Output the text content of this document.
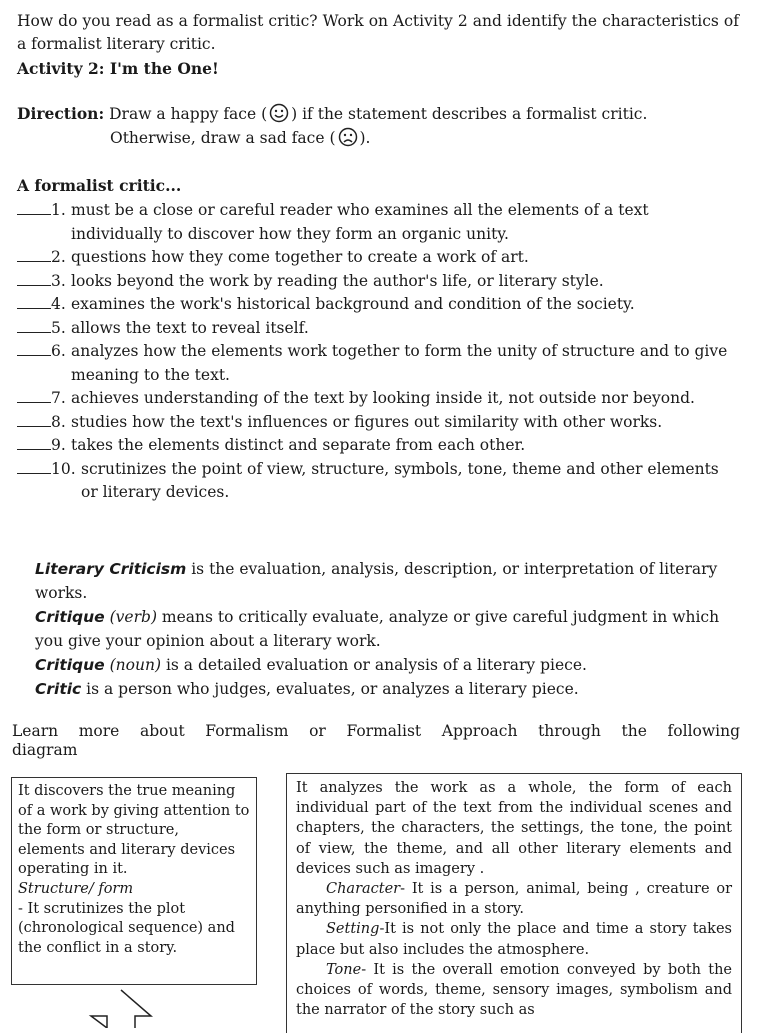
How do you read as a formalist critic? Work on Activity 2 and identify the characteristics of a formalist literary critic.
Activity 2: I'm the One!
Direction: Draw a happy face ( ) if the statement describes a formalist critic.
Otherwise, draw a sad face ( ).
A formalist critic...
1. must be a close or careful reader who examines all the elements of a text individually to discover how they form an organic unity.
2. questions how they come together to create a work of art.
3. looks beyond the work by reading the author's life, or literary style.
4. examines the work's historical background and condition of the society.
5. allows the text to reveal itself.
6. analyzes how the elements work together to form the unity of structure and to give meaning to the text.
7. achieves understanding of the text by looking inside it, not outside nor beyond.
8. studies how the text's influences or figures out similarity with other works.
9. takes the elements distinct and separate from each other.
10. scrutinizes the point of view, structure, symbols, tone, theme and other elements or literary devices.

Literary Criticism is the evaluation, analysis, description, or interpretation of literary works.

Critique (verb) means to critically evaluate, analyze or give careful judgment in which you give your opinion about a literary work.

Critique (noun) is a detailed evaluation or analysis of a literary piece.

Critic is a person who judges, evaluates, or analyzes a literary piece.

Learn more about Formalism or Formalist Approach through the following
diagram

It discovers the true meaning of a work by giving attention to the form or structure, elements and literary devices operating in it.

Structure/ form

- It scrutinizes the plot (chronological sequence) and the conflict in a story.

It analyzes the work as a whole, the form of each individual part of the text from the individual scenes and chapters, the characters, the settings, the tone, the point of view, the theme, and all other literary elements and devices such as imagery .

Character- It is a person, animal, being , creature or anything personified in a story.

Setting-It is not only the place and time a story takes place but also includes the atmosphere.

Tone- It is the overall emotion conveyed by both the choices of words, theme, sensory images, symbolism and the narrator of the story such as
